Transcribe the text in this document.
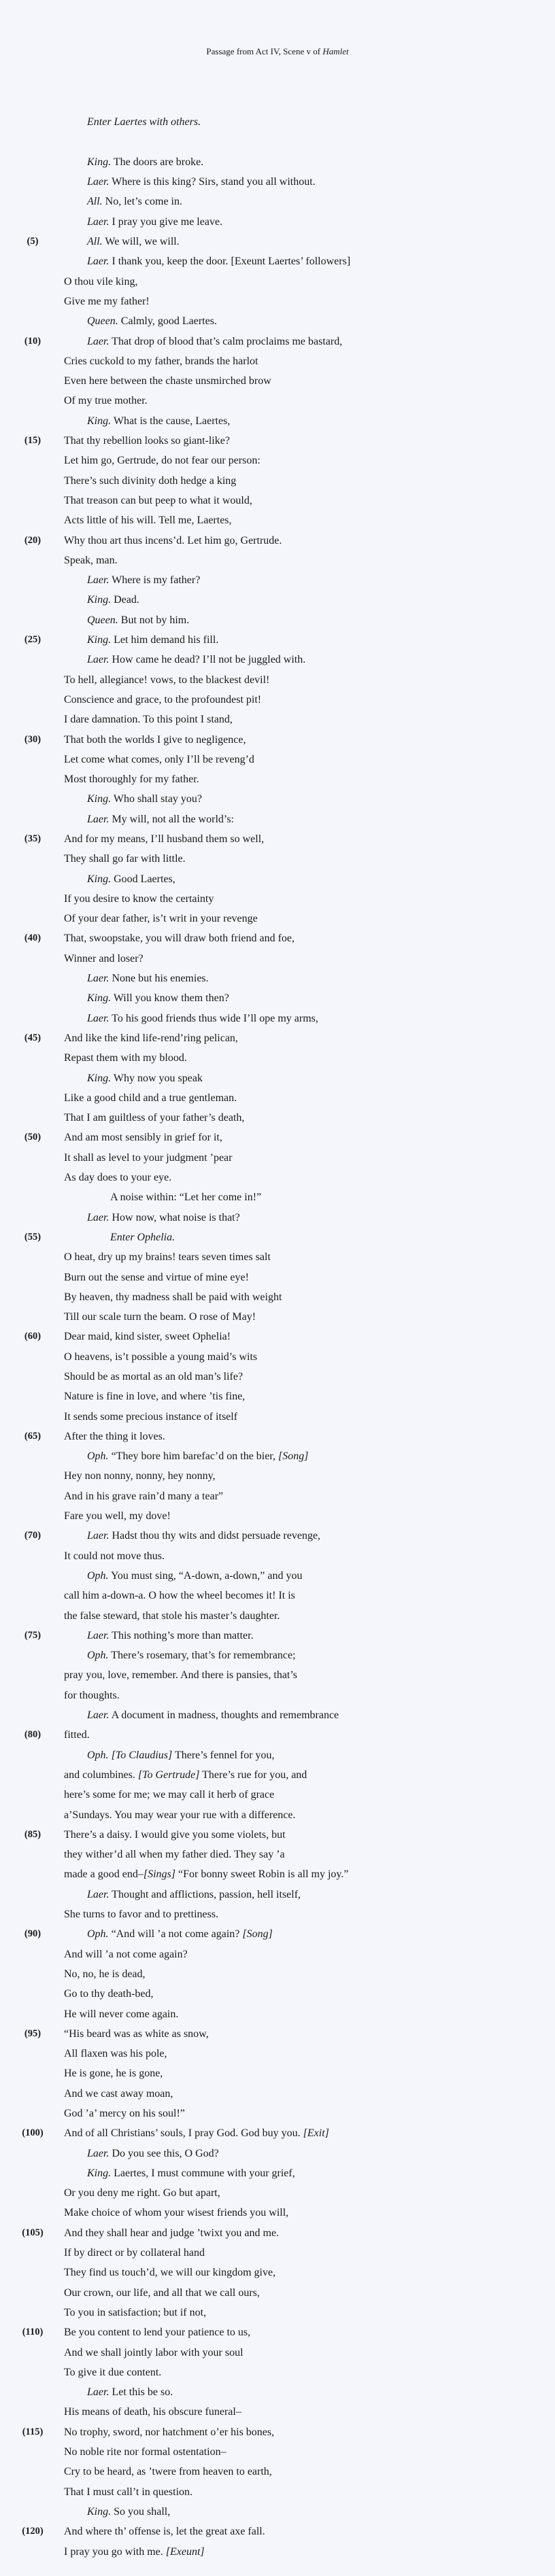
Passage from Act IV, Scene v of Hamlet
Enter Laertes with others.
King. The doors are broke.
Laer. Where is this king? Sirs, stand you all without.
All. No, let’s come in.
Laer. I pray you give me leave.
(5)	All. We will, we will.
Laer. I thank you, keep the door. [Exeunt Laertes’ followers]
O thou vile king,
Give me my father!
Queen. Calmly, good Laertes.
(10)	Laer. That drop of blood that’s calm proclaims me bastard,
Cries cuckold to my father, brands the harlot
Even here between the chaste unsmirched brow
Of my true mother.
King. What is the cause, Laertes,
(15)	That thy rebellion looks so giant-like?
Let him go, Gertrude, do not fear our person:
There’s such divinity doth hedge a king
That treason can but peep to what it would,
Acts little of his will. Tell me, Laertes,
(20)	Why thou art thus incens’d. Let him go, Gertrude.
Speak, man.
Laer. Where is my father?
King. Dead.
Queen. But not by him.
(25)	King. Let him demand his fill.
Laer. How came he dead? I’ll not be juggled with.
To hell, allegiance! vows, to the blackest devil!
Conscience and grace, to the profoundest pit!
I dare damnation. To this point I stand,
(30)	That both the worlds I give to negligence,
Let come what comes, only I’ll be reveng’d
Most thoroughly for my father.
King. Who shall stay you?
Laer. My will, not all the world’s:
(35)	And for my means, I’ll husband them so well,
They shall go far with little.
King. Good Laertes,
If you desire to know the certainty
Of your dear father, is’t writ in your revenge
(40)	That, swoopstake, you will draw both friend and foe,
Winner and loser?
Laer. None but his enemies.
King. Will you know them then?
Laer. To his good friends thus wide I’ll ope my arms,
(45)	And like the kind life-rend’ring pelican,
Repast them with my blood.
King. Why now you speak
Like a good child and a true gentleman.
That I am guiltless of your father’s death,
(50)	And am most sensibly in grief for it,
It shall as level to your judgment ’pear
As day does to your eye.
A noise within: “Let her come in!”
Laer. How now, what noise is that?
(55)	Enter Ophelia.
O heat, dry up my brains! tears seven times salt
Burn out the sense and virtue of mine eye!
By heaven, thy madness shall be paid with weight
Till our scale turn the beam. O rose of May!
(60)	Dear maid, kind sister, sweet Ophelia!
O heavens, is’t possible a young maid’s wits
Should be as mortal as an old man’s life?
Nature is fine in love, and where ’tis fine,
It sends some precious instance of itself
(65)	After the thing it loves.
Oph. “They bore him barefac’d on the bier, [Song]
Hey non nonny, nonny, hey nonny,
And in his grave rain’d many a tear”
Fare you well, my dove!
(70)	Laer. Hadst thou thy wits and didst persuade revenge,
It could not move thus.
Oph. You must sing, “A-down, a-down,” and you
call him a-down-a. O how the wheel becomes it! It is
the false steward, that stole his master’s daughter.
(75)	Laer. This nothing’s more than matter.
Oph. There’s rosemary, that’s for remembrance;
pray you, love, remember. And there is pansies, that’s
for thoughts.
Laer. A document in madness, thoughts and remembrance
(80)	fitted.
Oph. [To Claudius] There’s fennel for you,
and columbines. [To Gertrude] There’s rue for you, and
here’s some for me; we may call it herb of grace
a’Sundays. You may wear your rue with a difference.
(85)	There’s a daisy. I would give you some violets, but
they wither’d all when my father died. They say ’a
made a good end–[Sings] “For bonny sweet Robin is all my joy.”
Laer. Thought and afflictions, passion, hell itself,
She turns to favor and to prettiness.
(90)	Oph. “And will ’a not come again? [Song]
And will ’a not come again?
No, no, he is dead,
Go to thy death-bed,
He will never come again.
(95)	“His beard was as white as snow,
All flaxen was his pole,
He is gone, he is gone,
And we cast away moan,
God ’a’ mercy on his soul!”
(100) And of all Christians’ souls, I pray God. God buy you. [Exit]
Laer. Do you see this, O God?
King. Laertes, I must commune with your grief,
Or you deny me right. Go but apart,
Make choice of whom your wisest friends you will,
(105) And they shall hear and judge ’twixt you and me.
If by direct or by collateral hand
They find us touch’d, we will our kingdom give,
Our crown, our life, and all that we call ours,
To you in satisfaction; but if not,
(110) Be you content to lend your patience to us,
And we shall jointly labor with your soul
To give it due content.
Laer. Let this be so.
His means of death, his obscure funeral–
(115) No trophy, sword, nor hatchment o’er his bones,
No noble rite nor formal ostentation–
Cry to be heard, as ’twere from heaven to earth,
That I must call’t in question.
King. So you shall,
(120) And where th’ offense is, let the great axe fall.
I pray you go with me. [Exeunt]
